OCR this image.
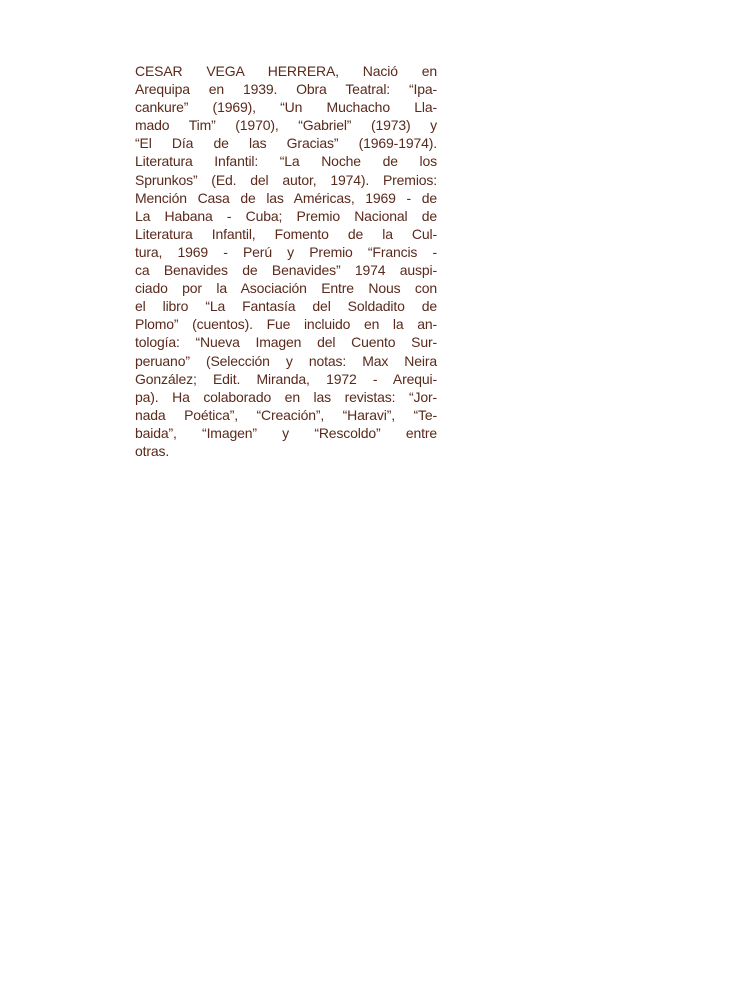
CESAR VEGA HERRERA, Nació en
Arequipa en 1939. Obra Teatral: “Ipa-
cankure” (1969), “Un Muchacho Lla-
mado Tim” (1970), “Gabriel” (1973) y
“El Día de las Gracias” (1969-1974).
Literatura Infantil: “La Noche de los
Sprunkos” (Ed. del autor, 1974). Premios:
Mención Casa de las Américas, 1969 - de
La Habana - Cuba; Premio Nacional de
Literatura Infantil, Fomento de la Cul-
tura, 1969 - Perú y Premio “Francis -
ca Benavides de Benavides” 1974 auspi-
ciado por la Asociación Entre Nous con
el libro “La Fantasía del Soldadito de
Plomo” (cuentos). Fue incluido en la an-
tología: “Nueva Imagen del Cuento Sur-
peruano” (Selección y notas: Max Neira
González; Edit. Miranda, 1972 - Arequi-
pa). Ha colaborado en las revistas: “Jor-
nada Poética”, “Creación”, “Haravi”, “Te-
baida”, “Imagen” y “Rescoldo” entre
otras.
